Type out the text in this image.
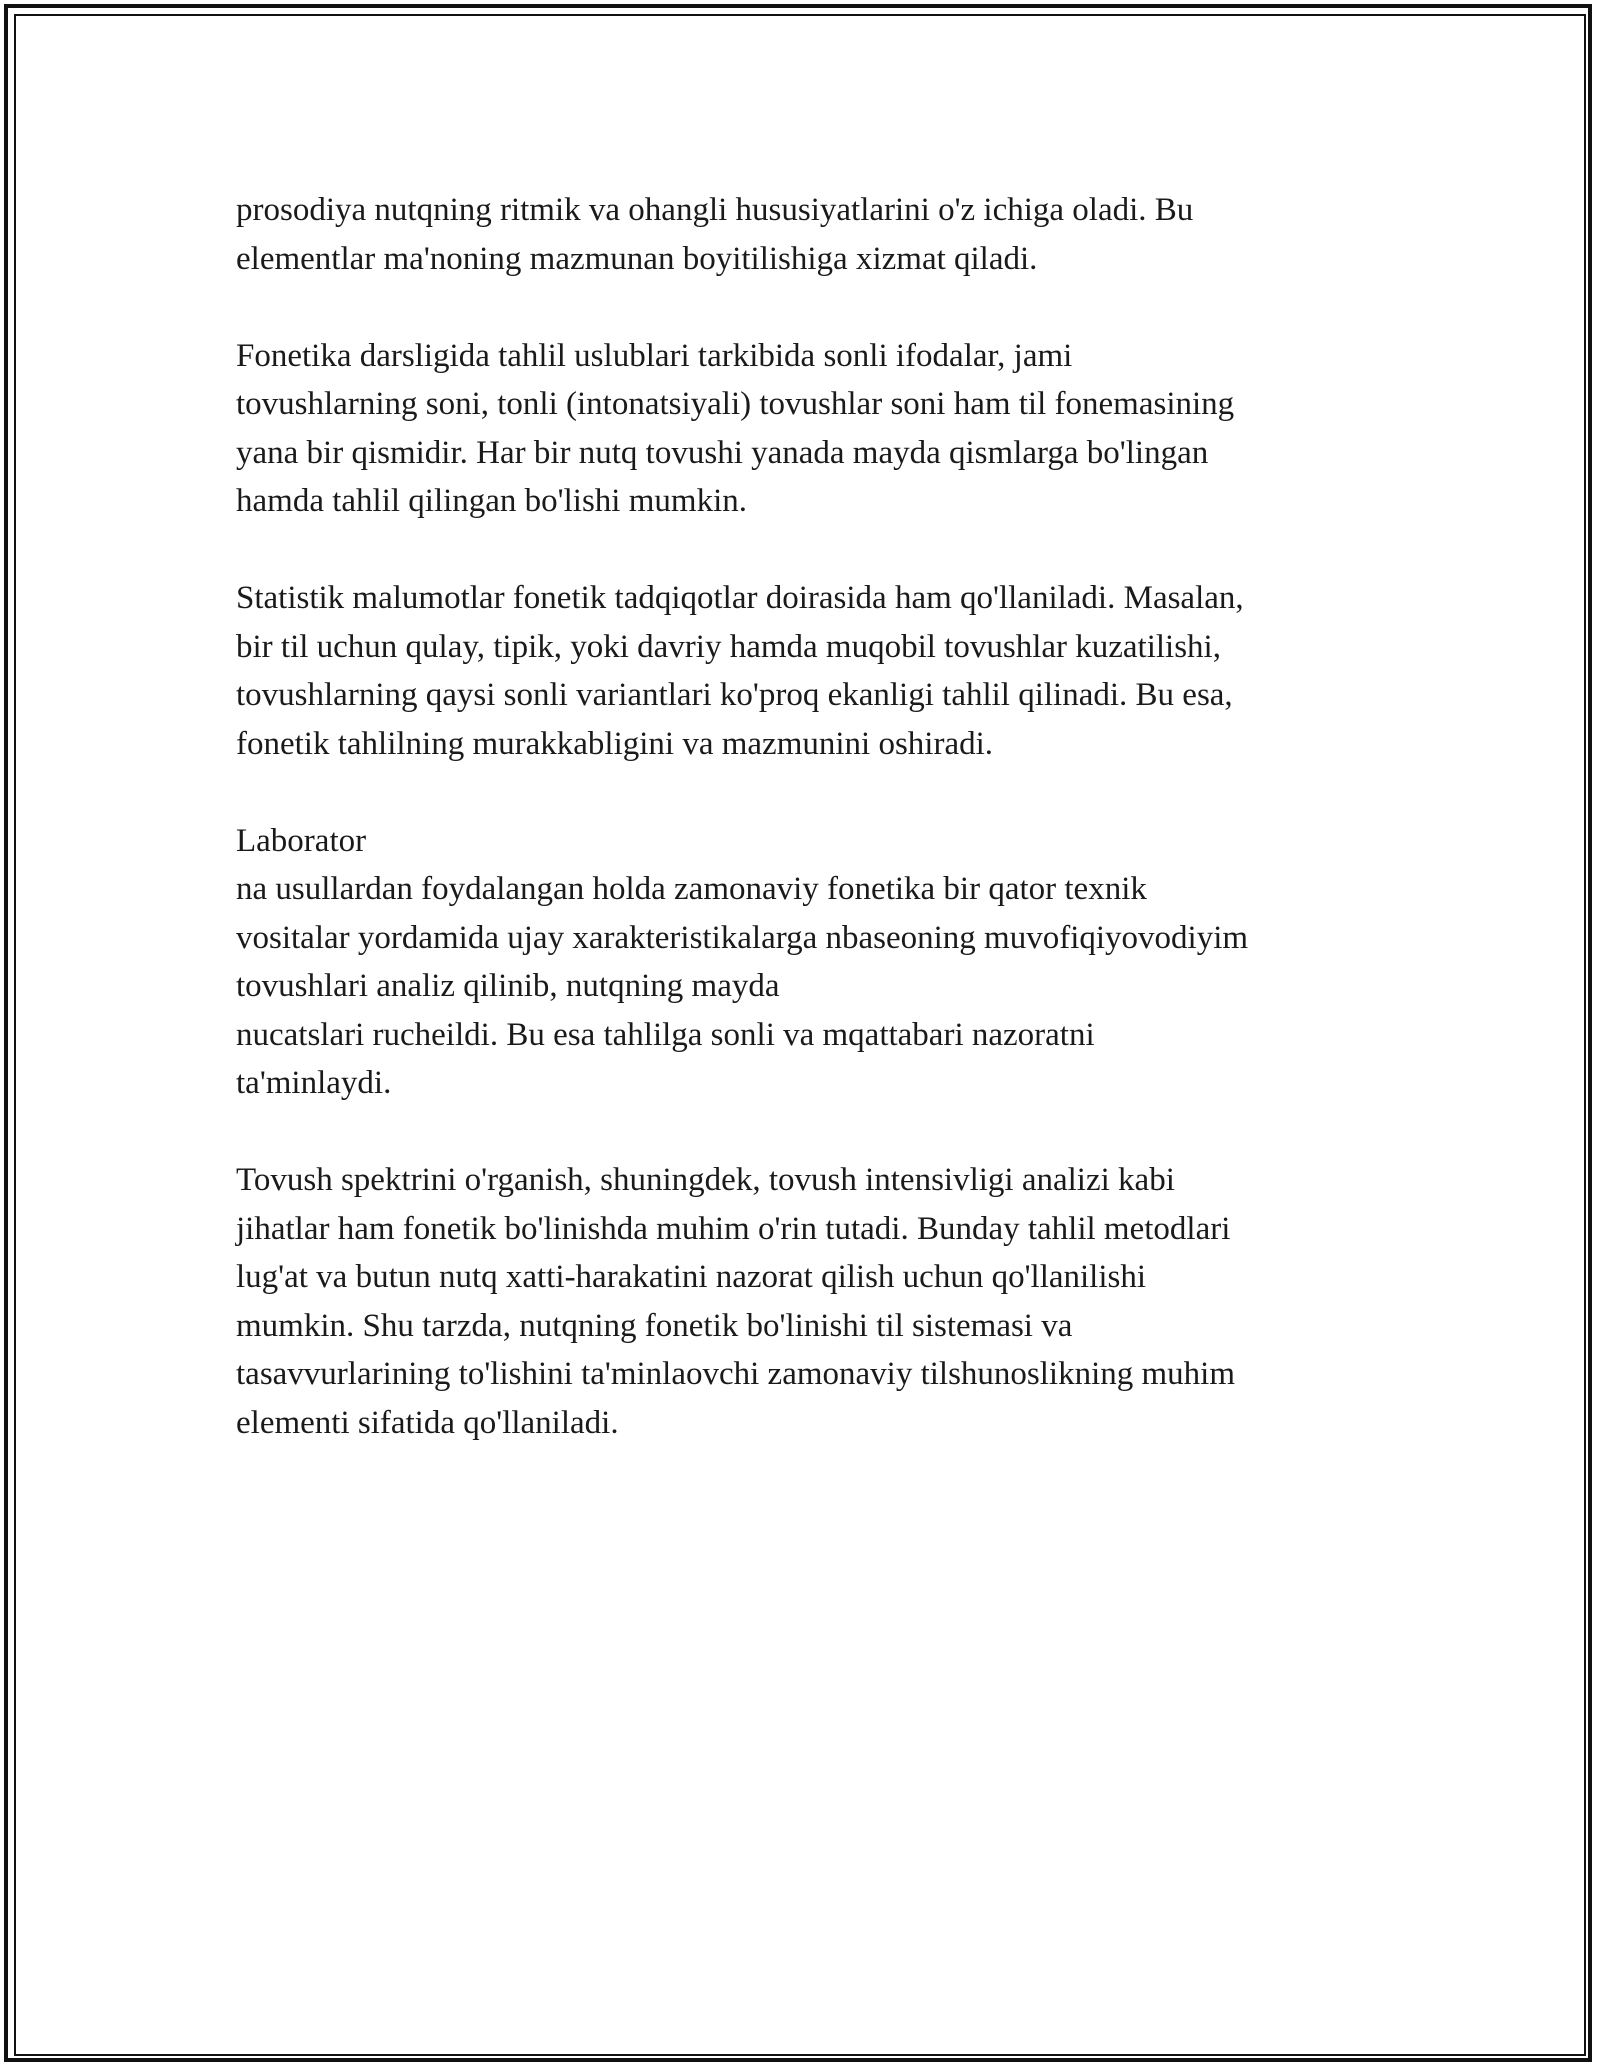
prosodiya nutqning ritmik va ohangli hususiyatlarini o'z ichiga oladi. Bu
elementlar ma'noning mazmunan boyitilishiga xizmat qiladi.
Fonetika darsligida tahlil uslublari tarkibida sonli ifodalar, jami
tovushlarning soni, tonli (intonatsiyali) tovushlar soni ham til fonemasining
yana bir qismidir. Har bir nutq tovushi yanada mayda qismlarga bo'lingan
hamda tahlil qilingan bo'lishi mumkin.
Statistik malumotlar fonetik tadqiqotlar doirasida ham qo'llaniladi. Masalan,
bir til uchun qulay, tipik, yoki davriy hamda muqobil tovushlar kuzatilishi,
tovushlarning qaysi sonli variantlari ko'proq ekanligi tahlil qilinadi. Bu esa,
fonetik tahlilning murakkabligini va mazmunini oshiradi.
Laborator
na usullardan foydalangan holda zamonaviy fonetika bir qator texnik
vositalar yordamida ujay xarakteristikalarga nbaseoning muvofiqiyovodiyim
tovushlari analiz qilinib, nutqning mayda
nucatslari rucheildi. Bu esa tahlilga sonli va mqattabari nazoratni
ta'minlaydi.
Tovush spektrini o'rganish, shuningdek, tovush intensivligi analizi kabi
jihatlar ham fonetik bo'linishda muhim o'rin tutadi. Bunday tahlil metodlari
lug'at va butun nutq xatti-harakatini nazorat qilish uchun qo'llanilishi
mumkin. Shu tarzda, nutqning fonetik bo'linishi til sistemasi va
tasavvurlarining to'lishini ta'minlaovchi zamonaviy tilshunoslikning muhim
elementi sifatida qo'llaniladi.
